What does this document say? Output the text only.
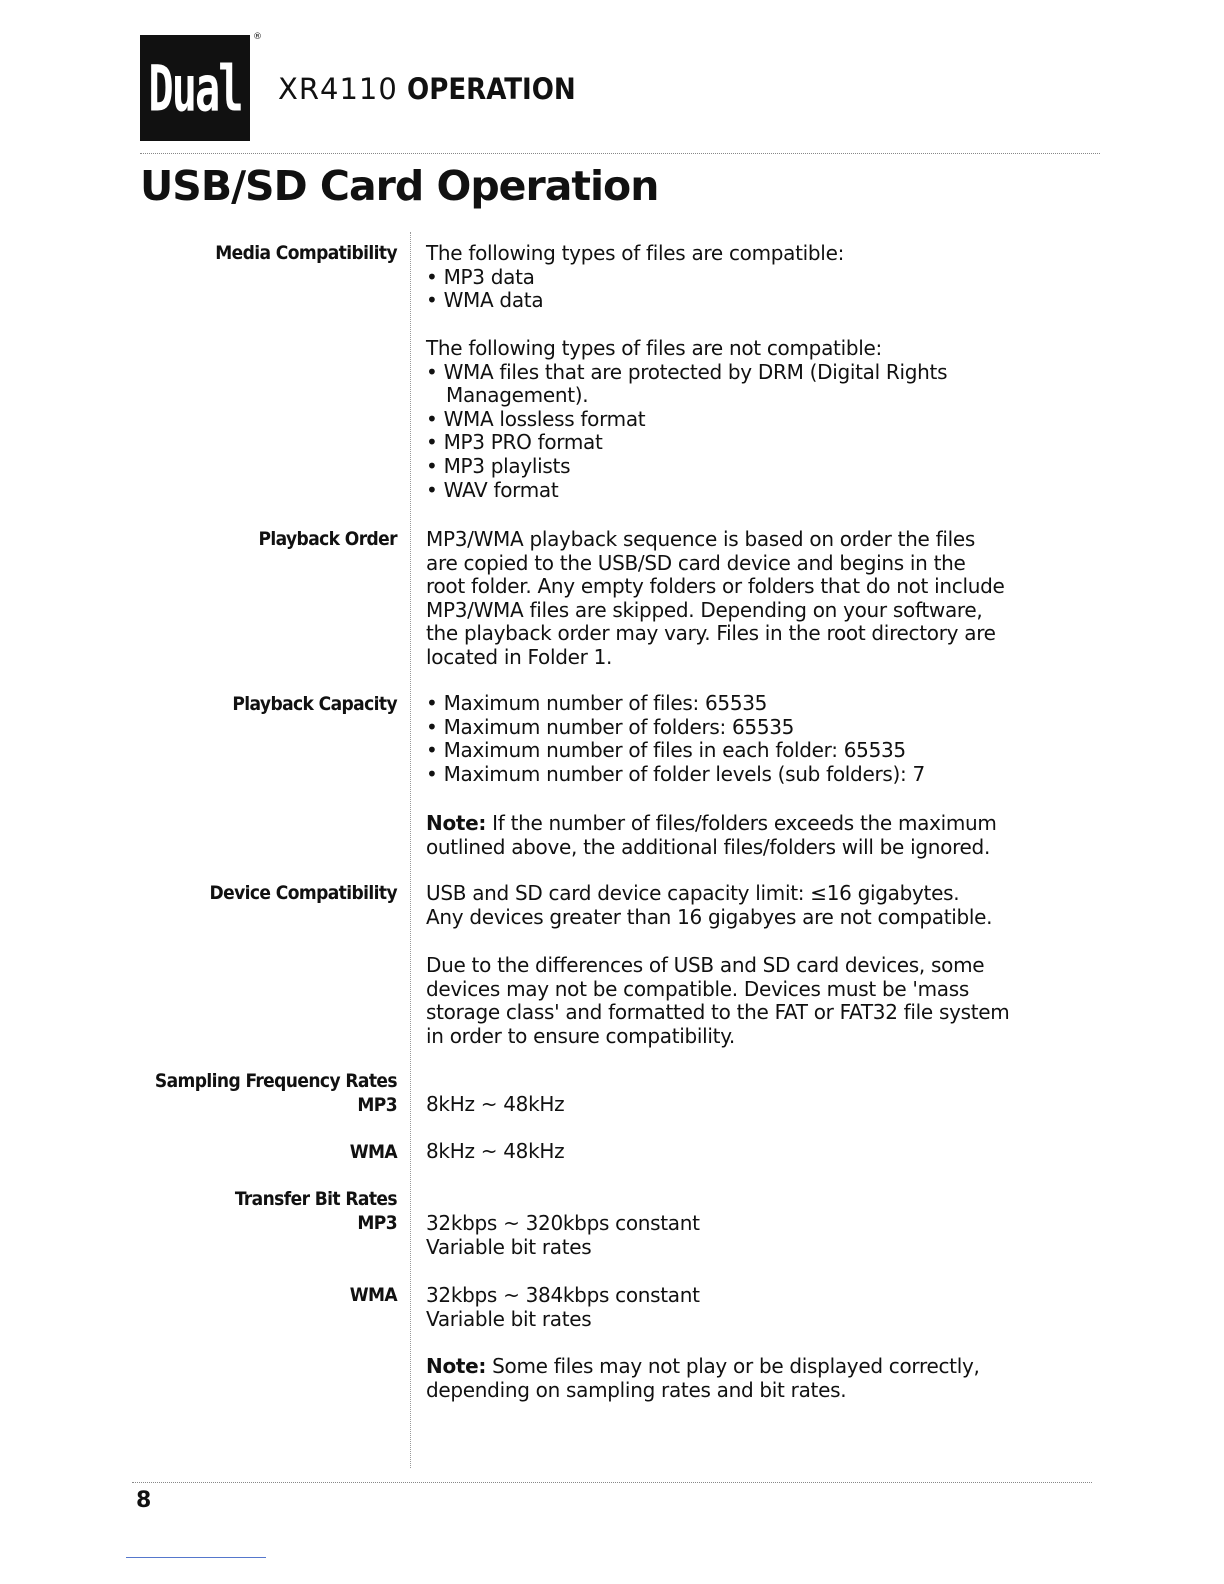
Dual
®
XR4110 OPERATION
USB/SD Card Operation
Media Compatibility The following types of files are compatible:

• MP3 data
• WMA data

The following types of files are not compatible:

• WMA files that are protected by DRM (Digital Rights

Management).

• WMA lossless format
• MP3 PRO format
• MP3 playlists
• WAV format
Playback Order MP3/WMA playback sequence is based on order the files

are copied to the USB/SD card device and begins in the

root folder. Any empty folders or folders that do not include

MP3/WMA files are skipped. Depending on your software,

the playback order may vary. Files in the root directory are

located in Folder 1.

Playback Capacity
•	Maximum number of files: 65535
• Maximum number of folders: 65535
• Maximum number of files in each folder: 65535
• Maximum number of folder levels (sub folders): 7

Note: If the number of files/folders exceeds the maximum

outlined above, the additional files/folders will be ignored.

Device Compatibility USB and SD card device capacity limit: ≤16 gigabytes.

Any devices greater than 16 gigabyes are not compatible.

Due to the differences of USB and SD card devices, some

devices may not be compatible. Devices must be 'mass

storage class' and formatted to the FAT or FAT32 file system

in order to ensure compatibility.

Sampling Frequency Rates
MP3 8kHz ~ 48kHz
WMA 8kHz ~ 48kHz
Transfer Bit Rates
MP3 32kbps ~ 320kbps constant

Variable bit rates

WMA 32kbps ~ 384kbps constant

Variable bit rates

Note: Some files may not play or be displayed correctly,

depending on sampling rates and bit rates.

8
